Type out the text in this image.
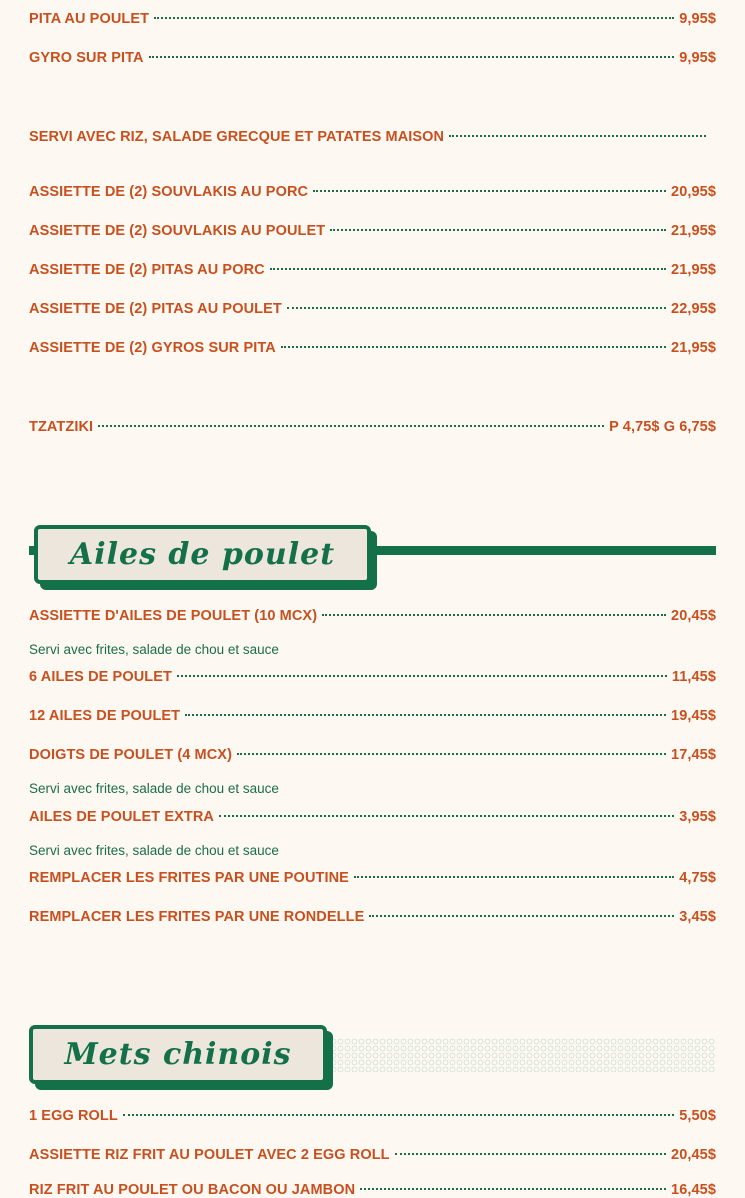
PITA AU POULET	9,95$
GYRO SUR PITA	9,95$
SERVI AVEC RIZ, SALADE GRECQUE ET PATATES MAISON
ASSIETTE DE (2) SOUVLAKIS AU PORC	20,95$
ASSIETTE DE (2) SOUVLAKIS AU POULET	21,95$
ASSIETTE DE (2) PITAS AU PORC	21,95$
ASSIETTE DE (2) PITAS AU POULET	22,95$
ASSIETTE DE (2) GYROS SUR PITA	21,95$
TZATZIKI	P 4,75$ G 6,75$
Ailes de poulet
ASSIETTE D'AILES DE POULET (10 MCX)	20,45$
Servi avec frites, salade de chou et sauce
6 AILES DE POULET	11,45$
12 AILES DE POULET	19,45$
DOIGTS DE POULET (4 MCX)	17,45$
Servi avec frites, salade de chou et sauce
AILES DE POULET EXTRA	3,95$
Servi avec frites, salade de chou et sauce
REMPLACER LES FRITES PAR UNE POUTINE	4,75$
REMPLACER LES FRITES PAR UNE RONDELLE	3,45$
Mets chinois
1 EGG ROLL	5,50$
ASSIETTE RIZ FRIT AU POULET AVEC 2 EGG ROLL	20,45$
RIZ FRIT AU POULET OU BACON OU JAMBON	16,45$
